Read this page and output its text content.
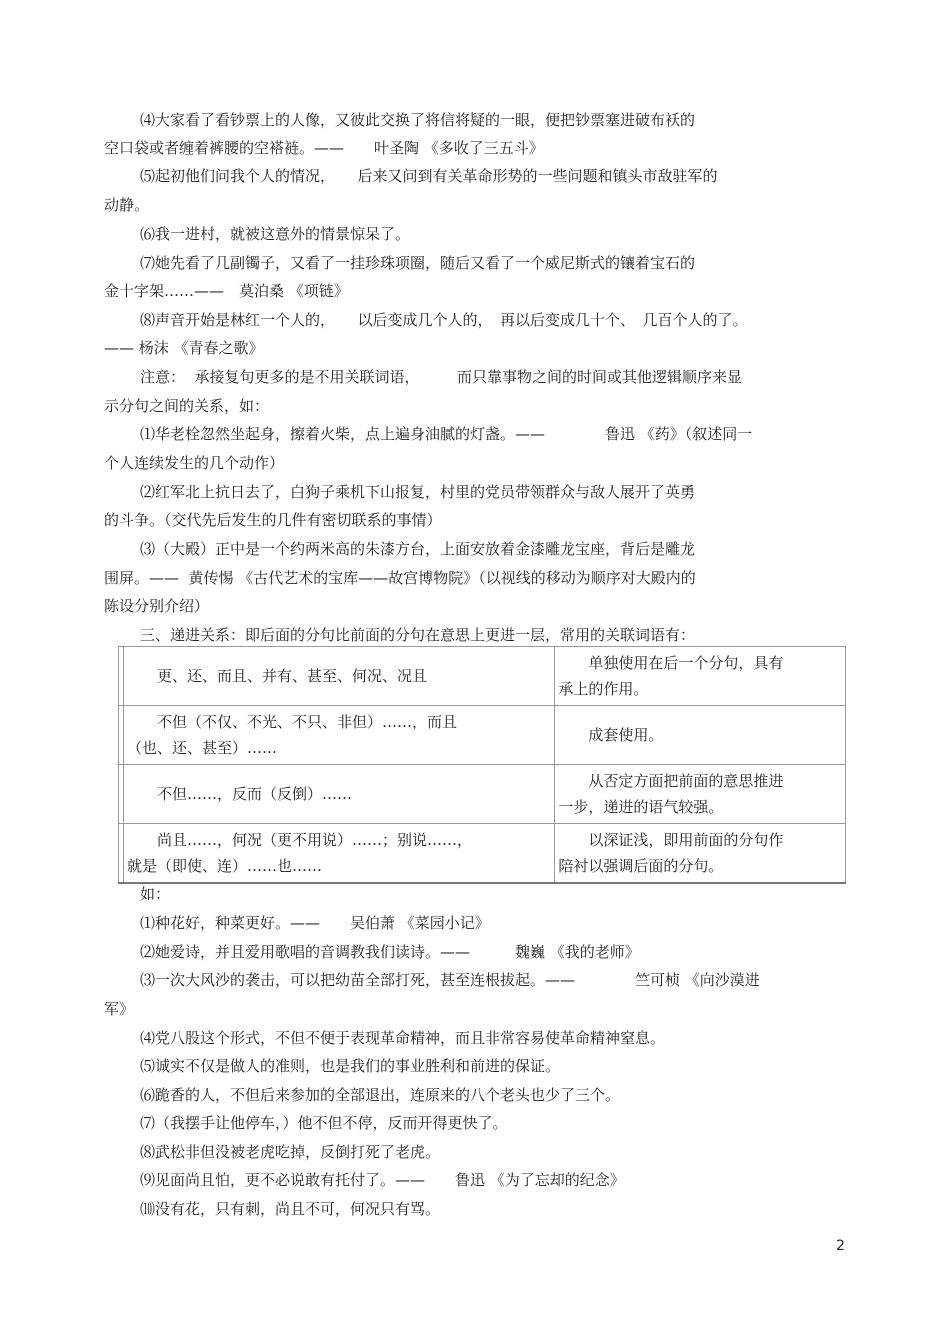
⑷大家看了看钞票上的人像，又彼此交换了将信将疑的一眼，便把钞票塞进破布袄的
空口袋或者缠着裤腰的空褡裢。——　　叶圣陶 《多收了三五斗》
⑸起初他们问我个人的情况，　　后来又问到有关革命形势的一些问题和镇头市敌驻军的
动静。
⑹我一进村，就被这意外的情景惊呆了。
⑺她先看了几副镯子，又看了一挂珍珠项圈，随后又看了一个威尼斯式的镶着宝石的
金十字架……——　莫泊桑 《项链》
⑻声音开始是林红一个人的，　　以后变成几个人的，　再以后变成几十个、　几百个人的了。
—— 杨沫 《青春之歌》
注意：  承接复句更多的是不用关联词语，　　　而只靠事物之间的时间或其他逻辑顺序来显
示分句之间的关系，如：
⑴华老栓忽然坐起身，擦着火柴，点上遍身油腻的灯盏。——　　　　鲁迅 《药》（叙述同一
个人连续发生的几个动作）
⑵红军北上抗日去了，白狗子乘机下山报复，村里的党员带领群众与敌人展开了英勇
的斗争。（交代先后发生的几件有密切联系的事情）
⑶（大殿）正中是一个约两米高的朱漆方台，上面安放着金漆雕龙宝座，背后是雕龙
围屏。——  黄传惕 《古代艺术的宝库——故宫博物院》（以视线的移动为顺序对大殿内的
陈设分别介绍）
三、递进关系：即后面的分句比前面的分句在意思上更进一层，常用的关联词语有：
	　　更、还、而且、并有、甚至、何况、况且	　　单独使用在后一个分句，具有
承上的作用。
	　　不但（不仅、不光、不只、非但）……，而且
（也、还、甚至）……	　　成套使用。
	　　不但……，反而（反倒）……	　　从否定方面把前面的意思推进
一步，递进的语气较强。
	　　尚且……，何况（更不用说）……；别说……，
就是（即使、连）……也……	　　以深证浅，即用前面的分句作
陪衬以强调后面的分句。
如：
⑴种花好，种菜更好。——　　吴伯萧 《菜园小记》
⑵她爱诗，并且爱用歌唱的音调教我们读诗。——　　　魏巍 《我的老师》
⑶一次大风沙的袭击，可以把幼苗全部打死，甚至连根拔起。——　　　　竺可桢 《向沙漠进
军》
⑷党八股这个形式，不但不便于表现革命精神，而且非常容易使革命精神窒息。
⑸诚实不仅是做人的准则，也是我们的事业胜利和前进的保证。
⑹跪香的人，不但后来参加的全部退出，连原来的八个老头也少了三个。
⑺（我摆手让他停车，）他不但不停，反而开得更快了。
⑻武松非但没被老虎吃掉，反倒打死了老虎。
⑼见面尚且怕，更不必说敢有托付了。——　　鲁迅 《为了忘却的纪念》
⑽没有花，只有刺，尚且不可，何况只有骂。
2
